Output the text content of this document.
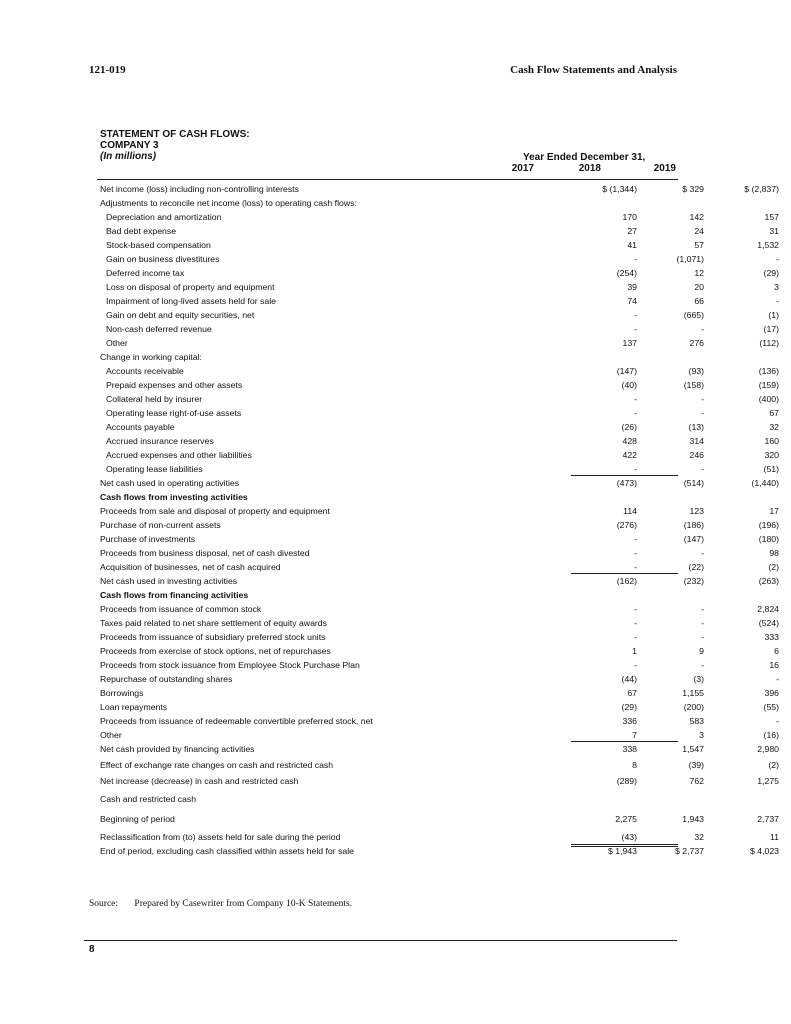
121-019	Cash Flow Statements and Analysis
STATEMENT OF CASH FLOWS:
COMPANY 3
(In millions)	Year Ended December 31,
2017	2018	2019
Net income (loss) including non-controlling interests	$ (1,344)	$ 329	$ (2,837)
Adjustments to reconcile net income (loss) to operating cash flows:
Depreciation and amortization	170	142	157
Bad debt expense	27	24	31
Stock-based compensation	41	57	1,532
Gain on business divestitures	-	(1,071)	-
Deferred income tax	(254)	12	(29)
Loss on disposal of property and equipment	39	20	3
Impairment of long-lived assets held for sale	74	66	-
Gain on debt and equity securities, net	-	(665)	(1)
Non-cash deferred revenue	-	-	(17)
Other	137	276	(112)
Change in working capital:
Accounts receivable	(147)	(93)	(136)
Prepaid expenses and other assets	(40)	(158)	(159)
Collateral held by insurer	-	-	(400)
Operating lease right-of-use assets	-	-	67
Accounts payable	(26)	(13)	32
Accrued insurance reserves	428	314	160
Accrued expenses and other liabilities	422	246	320
Operating lease liabilities	-	-	(51)
Net cash used in operating activities	(473)	(514)	(1,440)
Cash flows from investing activities
Proceeds from sale and disposal of property and equipment	114	123	17
Purchase of non-current assets	(276)	(186)	(196)
Purchase of investments	-	(147)	(180)
Proceeds from business disposal, net of cash divested	-	-	98
Acquisition of businesses, net of cash acquired	-	(22)	(2)
Net cash used in investing activities	(162)	(232)	(263)
Cash flows from financing activities
Proceeds from issuance of common stock	-	-	2,824
Taxes paid related to net share settlement of equity awards	-	-	(524)
Proceeds from issuance of subsidiary preferred stock units	-	-	333
Proceeds from exercise of stock options, net of repurchases	1	9	6
Proceeds from stock issuance from Employee Stock Purchase Plan	-	-	16
Repurchase of outstanding shares	(44)	(3)	-
Borrowings	67	1,155	396
Loan repayments	(29)	(200)	(55)
Proceeds from issuance of redeemable convertible preferred stock, net	336	583	-
Other	7	3	(16)
Net cash provided by financing activities	338	1,547	2,980
Effect of exchange rate changes on cash and restricted cash	8	(39)	(2)
Net increase (decrease) in cash and restricted cash	(289)	762	1,275
Cash and restricted cash
Beginning of period	2,275	1,943	2,737
Reclassification from (to) assets held for sale during the period	(43)	32	11
End of period, excluding cash classified within assets held for sale	$ 1,943	$ 2,737	$ 4,023
Source: Prepared by Casewriter from Company 10-K Statements.
8
